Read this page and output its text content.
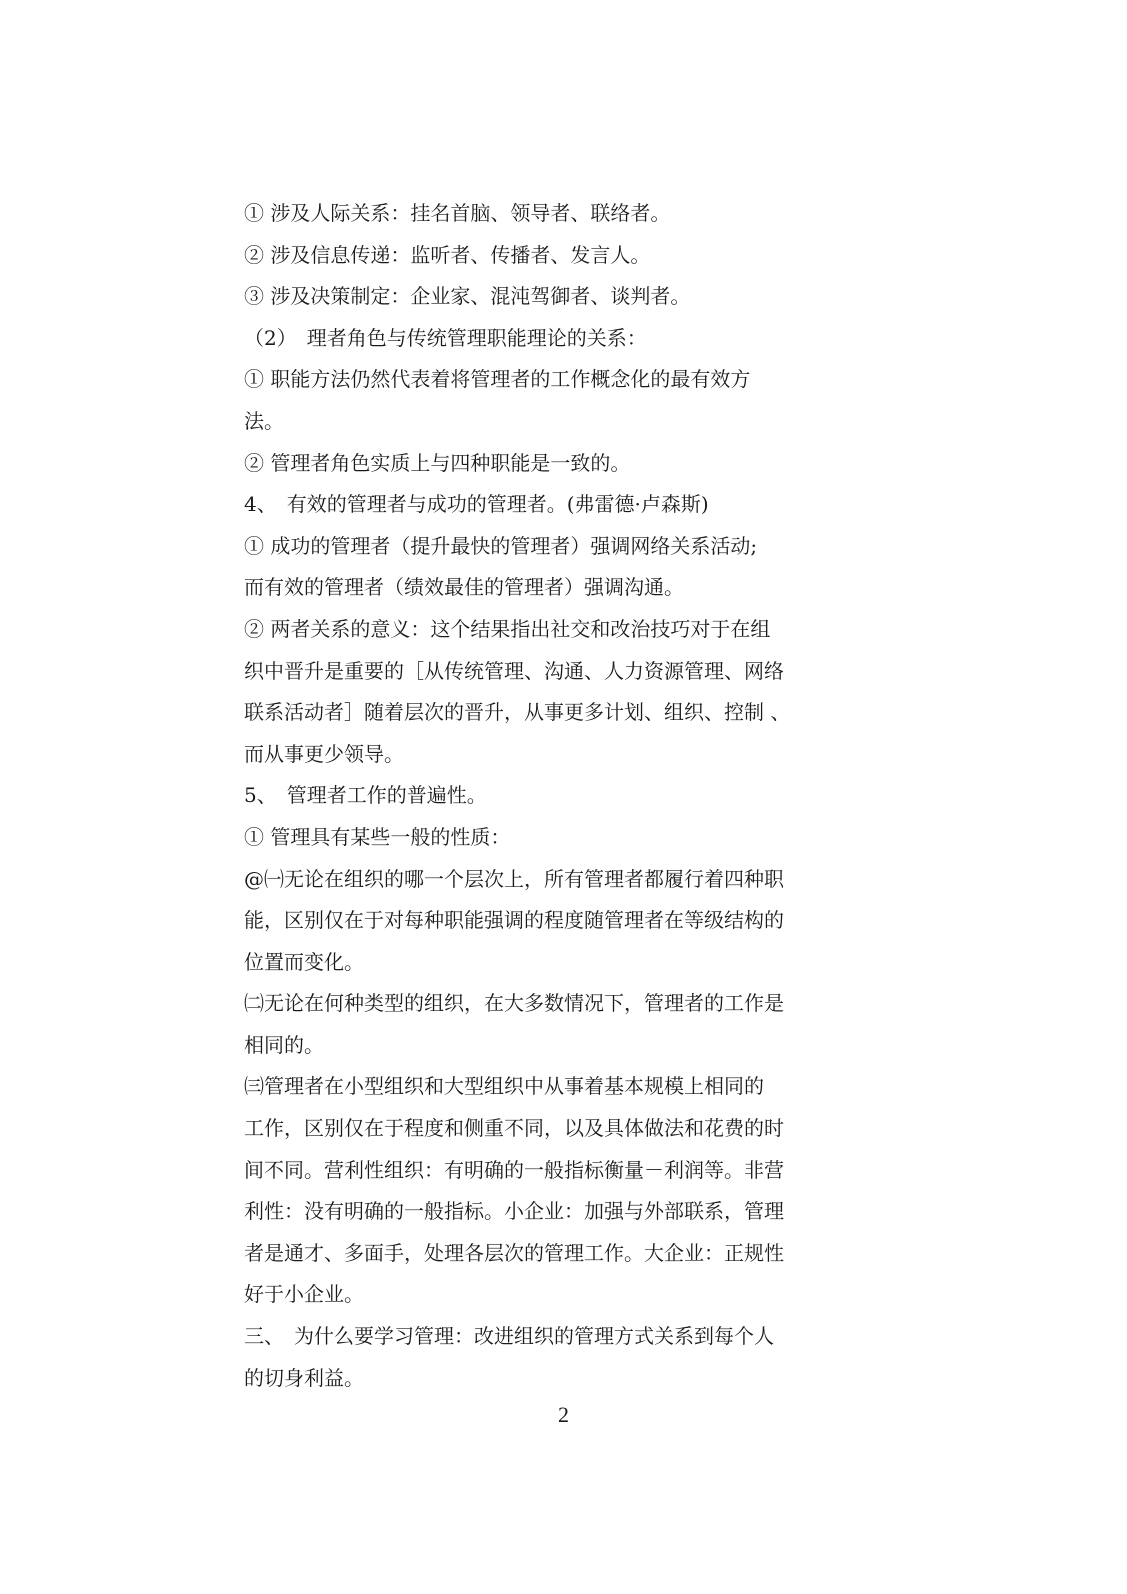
① 涉及人际关系：挂名首脑、领导者、联络者。
② 涉及信息传递：监听者、传播者、发言人。
③ 涉及决策制定：企业家、混沌驾御者、谈判者。
（2）　理者角色与传统管理职能理论的关系：
① 职能方法仍然代表着将管理者的工作概念化的最有效方
法。
② 管理者角色实质上与四种职能是一致的。
4、　有效的管理者与成功的管理者。(弗雷德·卢森斯)
① 成功的管理者（提升最快的管理者）强调网络关系活动;
而有效的管理者（绩效最佳的管理者）强调沟通。
② 两者关系的意义：这个结果指出社交和改治技巧对于在组
织中晋升是重要的［从传统管理、沟通、人力资源管理、网络
联系活动者］随着层次的晋升，从事更多计划、组织、控制 、
而从事更少领导。
5、　管理者工作的普遍性。
① 管理具有某些一般的性质：
@㈠无论在组织的哪一个层次上，所有管理者都履行着四种职
能，区别仅在于对每种职能强调的程度随管理者在等级结构的
位置而变化。
㈡无论在何种类型的组织，在大多数情况下，管理者的工作是
相同的。
㈢管理者在小型组织和大型组织中从事着基本规模上相同的
工作，区别仅在于程度和侧重不同，以及具体做法和花费的时
间不同。营利性组织：有明确的一般指标衡量－利润等。非营
利性：没有明确的一般指标。小企业：加强与外部联系，管理
者是通才、多面手，处理各层次的管理工作。大企业：正规性
好于小企业。
三、　为什么要学习管理：改进组织的管理方式关系到每个人
的切身利益。
2
